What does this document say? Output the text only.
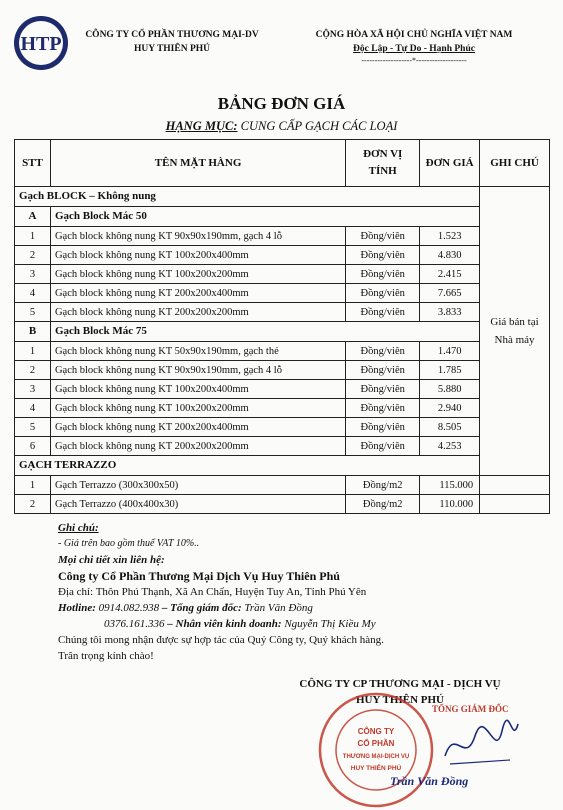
HTP	CÔNG TY CỔ PHẦN THƯƠNG MẠI-DV
HUY THIÊN PHÚ
CỘNG HÒA XÃ HỘI CHỦ NGHĨA VIỆT NAM
Độc Lập - Tự Do - Hạnh Phúc
-------------------*-------------------
BẢNG ĐƠN GIÁ
HẠNG MỤC: CUNG CẤP GẠCH CÁC LOẠI
STT	TÊN MẶT HÀNG	ĐƠN VỊ TÍNH	ĐƠN GIÁ	GHI CHÚ
Gạch BLOCK – Không nung				Giá bán tại Nhà máy
A	Gạch Block Mác 50			
1	Gạch block không nung KT 90x90x190mm, gạch 4 lỗ	Đồng/viên	1.523	
2	Gạch block không nung KT 100x200x400mm	Đồng/viên	4.830	
3	Gạch block không nung KT 100x200x200mm	Đồng/viên	2.415	
4	Gạch block không nung KT 200x200x400mm	Đồng/viên	7.665	
5	Gạch block không nung KT 200x200x200mm	Đồng/viên	3.833	
B	Gạch Block Mác 75			
1	Gạch block không nung KT 50x90x190mm, gạch thẻ	Đồng/viên	1.470	
2	Gạch block không nung KT 90x90x190mm, gạch 4 lỗ	Đồng/viên	1.785	
3	Gạch block không nung KT 100x200x400mm	Đồng/viên	5.880	
4	Gạch block không nung KT 100x200x200mm	Đồng/viên	2.940	
5	Gạch block không nung KT 200x200x400mm	Đồng/viên	8.505	
6	Gạch block không nung KT 200x200x200mm	Đồng/viên	4.253	
GẠCH TERRAZZO				
1	Gạch Terrazzo (300x300x50)	Đồng/m2	115.000	
2	Gạch Terrazzo (400x400x30)	Đồng/m2	110.000	
Ghi chú:
- Giá trên bao gồm thuế VAT 10%..
Mọi chi tiết xin liên hệ:
Công ty Cổ Phần Thương Mại Dịch Vụ Huy Thiên Phú
Địa chỉ: Thôn Phú Thạnh, Xã An Chấn, Huyện Tuy An, Tỉnh Phú Yên
Hotline: 0914.082.938 – Tổng giám đốc: Trần Văn Đồng
0376.161.336 – Nhân viên kinh doanh: Nguyễn Thị Kiều My
Chúng tôi mong nhận được sự hợp tác của Quý Công ty, Quý khách hàng.
Trân trọng kính chào!
CÔNG TY CP THƯƠNG MẠI - DỊCH VỤ
HUY THIÊN PHÚ
CÔNG TY
CỔ PHẦN
THƯƠNG MẠI-DỊCH VỤ
HUY THIÊN PHÚ
TỔNG GIÁM ĐỐC
Trần Văn Đồng
